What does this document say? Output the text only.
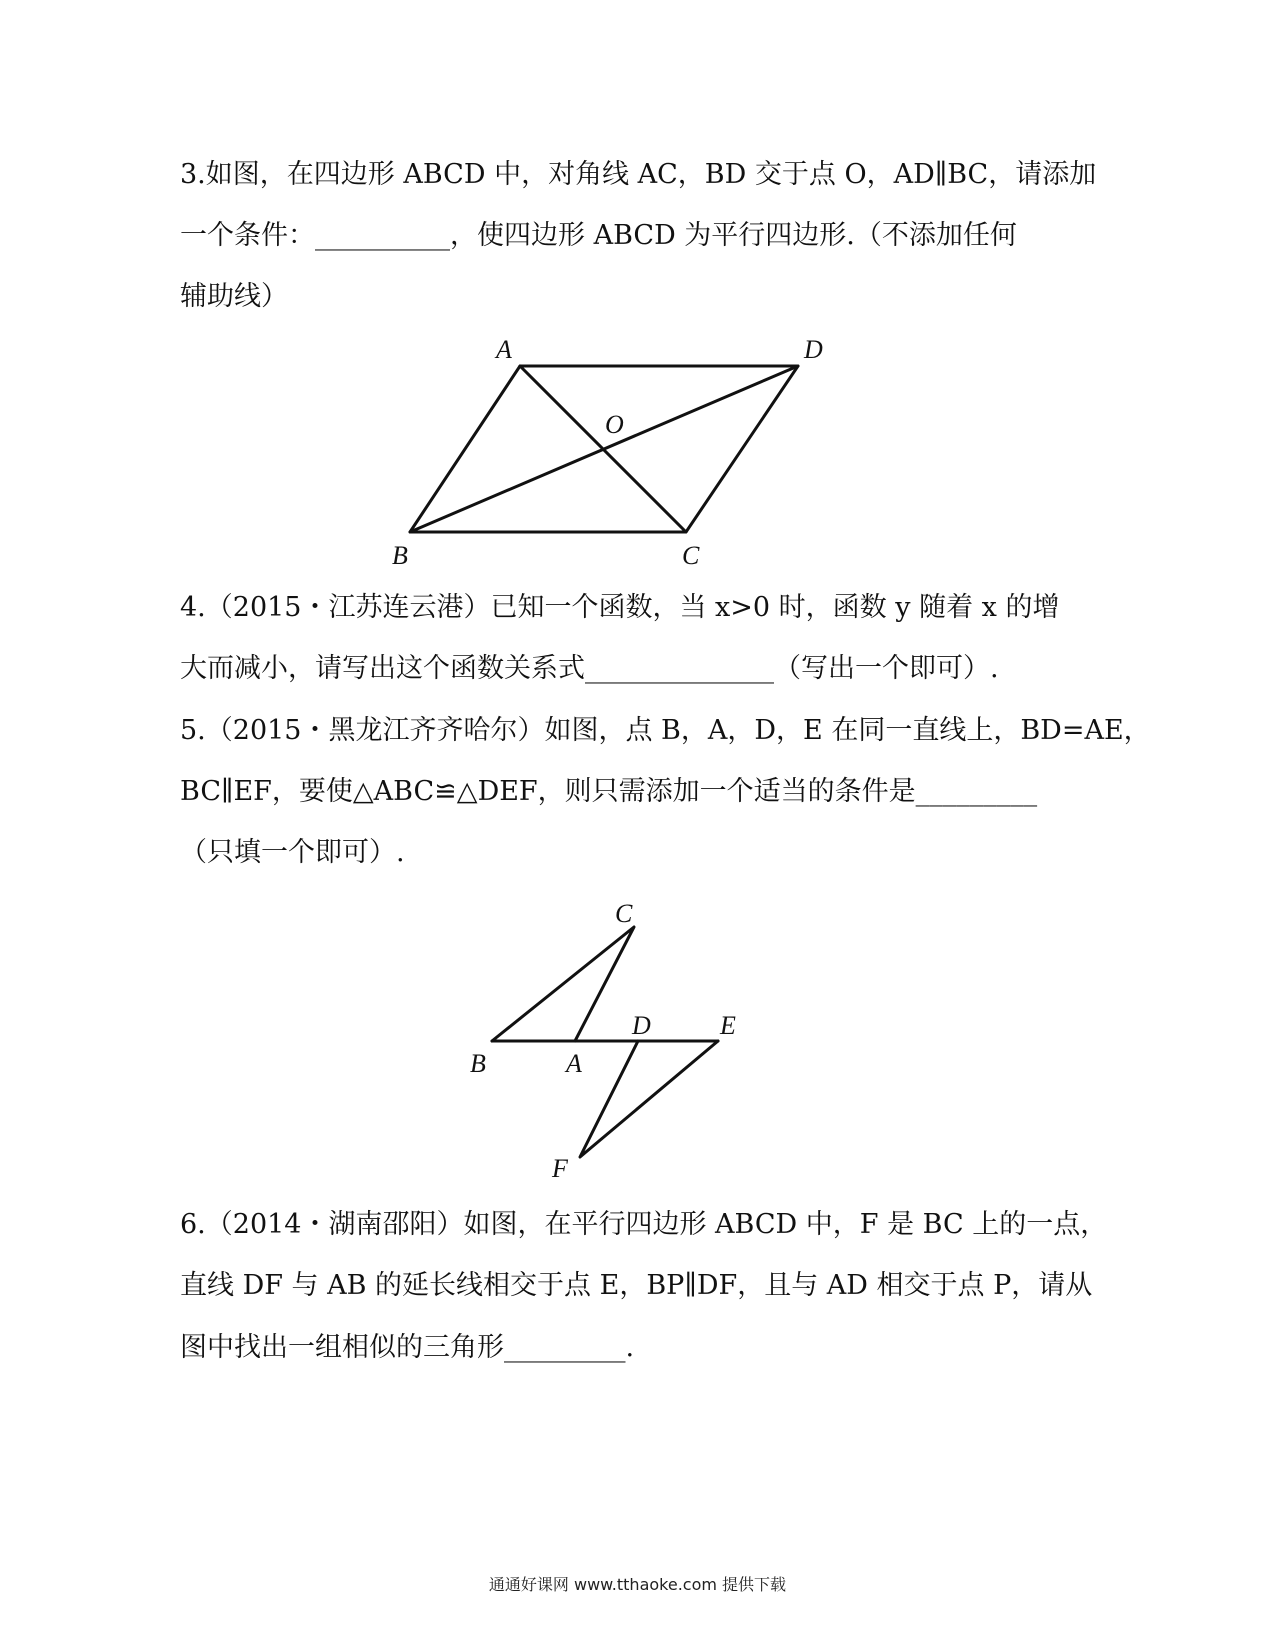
3.如图，在四边形 ABCD 中，对角线 AC，BD 交于点 O，AD∥BC，请添加
一个条件：__________，使四边形 ABCD 为平行四边形.（不添加任何
辅助线）
A	D
O
B	C
4.（2015・江苏连云港）已知一个函数，当 x>0 时，函数 y 随着 x 的增
大而减小，请写出这个函数关系式______________（写出一个即可）.
5.（2015・黑龙江齐齐哈尔）如图，点 B，A，D，E 在同一直线上，BD=AE，
BC∥EF，要使△ABC≌△DEF，则只需添加一个适当的条件是_________
（只填一个即可）.
C
D	E
B	A
F
6.（2014・湖南邵阳）如图，在平行四边形 ABCD 中，F 是 BC 上的一点，
直线 DF 与 AB 的延长线相交于点 E，BP∥DF，且与 AD 相交于点 P，请从
图中找出一组相似的三角形_________.
通通好课网 www.tthaoke.com 提供下载
